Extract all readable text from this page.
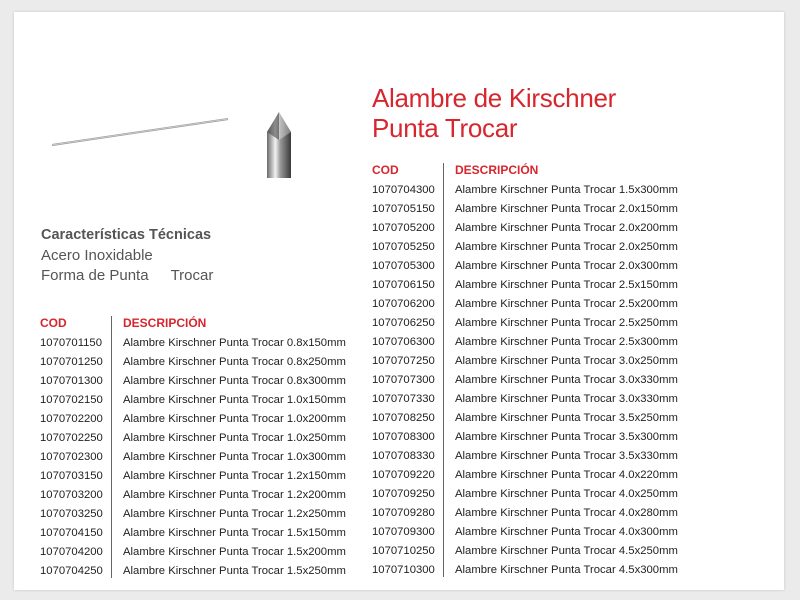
Alambre de Kirschner
Punta Trocar
Características Técnicas
Acero Inoxidable
Forma de Punta Trocar
COD	DESCRIPCIÓN
1070701150 Alambre Kirschner Punta Trocar 0.8x150mm
1070701250 Alambre Kirschner Punta Trocar 0.8x250mm
1070701300 Alambre Kirschner Punta Trocar 0.8x300mm
1070702150 Alambre Kirschner Punta Trocar 1.0x150mm
1070702200 Alambre Kirschner Punta Trocar 1.0x200mm
1070702250 Alambre Kirschner Punta Trocar 1.0x250mm
1070702300 Alambre Kirschner Punta Trocar 1.0x300mm
1070703150 Alambre Kirschner Punta Trocar 1.2x150mm
1070703200 Alambre Kirschner Punta Trocar 1.2x200mm
1070703250 Alambre Kirschner Punta Trocar 1.2x250mm
1070704150 Alambre Kirschner Punta Trocar 1.5x150mm
1070704200 Alambre Kirschner Punta Trocar 1.5x200mm
1070704250 Alambre Kirschner Punta Trocar 1.5x250mm
COD	DESCRIPCIÓN
1070704300 Alambre Kirschner Punta Trocar 1.5x300mm
1070705150 Alambre Kirschner Punta Trocar 2.0x150mm
1070705200 Alambre Kirschner Punta Trocar 2.0x200mm
1070705250 Alambre Kirschner Punta Trocar 2.0x250mm
1070705300 Alambre Kirschner Punta Trocar 2.0x300mm
1070706150 Alambre Kirschner Punta Trocar 2.5x150mm
1070706200 Alambre Kirschner Punta Trocar 2.5x200mm
1070706250 Alambre Kirschner Punta Trocar 2.5x250mm
1070706300 Alambre Kirschner Punta Trocar 2.5x300mm
1070707250 Alambre Kirschner Punta Trocar 3.0x250mm
1070707300 Alambre Kirschner Punta Trocar 3.0x330mm
1070707330 Alambre Kirschner Punta Trocar 3.0x330mm
1070708250 Alambre Kirschner Punta Trocar 3.5x250mm
1070708300 Alambre Kirschner Punta Trocar 3.5x300mm
1070708330 Alambre Kirschner Punta Trocar 3.5x330mm
1070709220 Alambre Kirschner Punta Trocar 4.0x220mm
1070709250 Alambre Kirschner Punta Trocar 4.0x250mm
1070709280 Alambre Kirschner Punta Trocar 4.0x280mm
1070709300 Alambre Kirschner Punta Trocar 4.0x300mm
1070710250 Alambre Kirschner Punta Trocar 4.5x250mm
1070710300 Alambre Kirschner Punta Trocar 4.5x300mm
